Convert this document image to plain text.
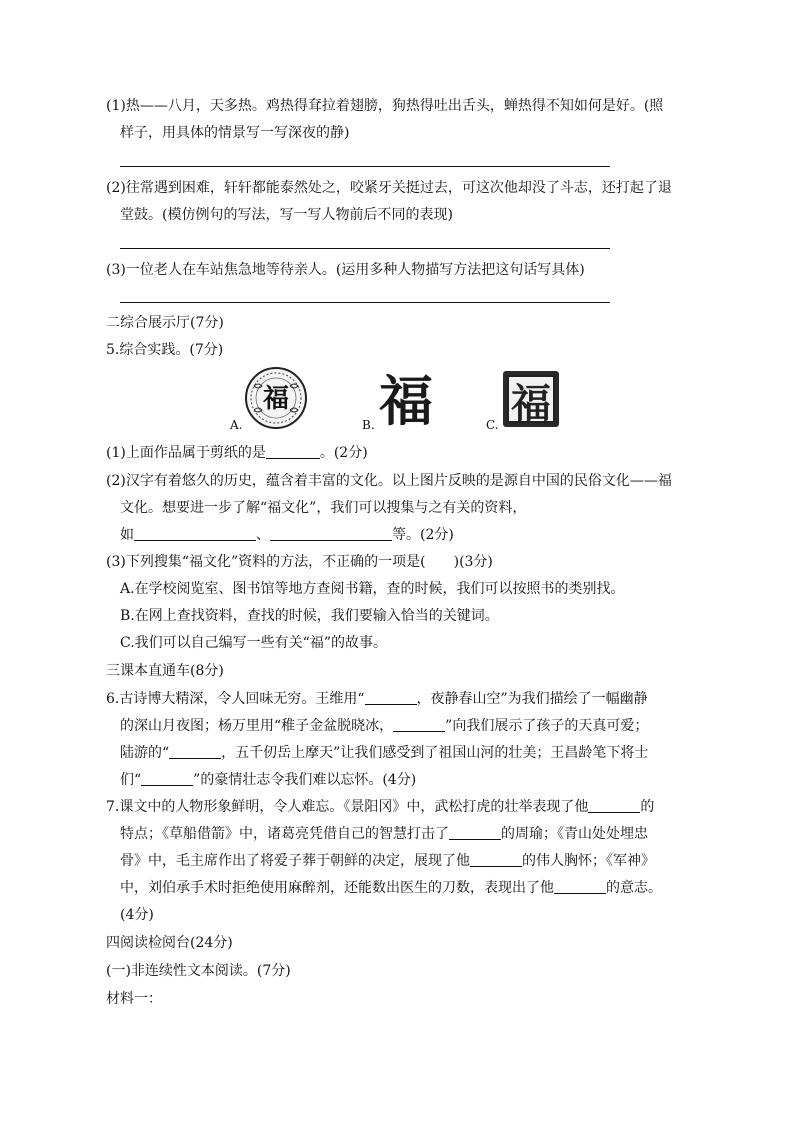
(1)热——八月，天多热。鸡热得耷拉着翅膀，狗热得吐出舌头，蝉热得不知如何是好。(照
样子，用具体的情景写一写深夜的静)
(2)往常遇到困难，轩轩都能泰然处之，咬紧牙关挺过去，可这次他却没了斗志，还打起了退
堂鼓。(模仿例句的写法，写一写人物前后不同的表现)
(3)一位老人在车站焦急地等待亲人。(运用多种人物描写方法把这句话写具体)
二综合展示厅(7分)
5.综合实践。(7分)
福
A.	福
B.	福
C.
(1)上面作品属于剪纸的是	。(2分)
(2)汉字有着悠久的历史，蕴含着丰富的文化。以上图片反映的是源自中国的民俗文化——福
文化。想要进一步了解“福文化”，我们可以搜集与之有关的资料，
如	、	等。(2分)
(3)下列搜集“福文化”资料的方法，不正确的一项是(　　)(3分)
A.在学校阅览室、图书馆等地方查阅书籍，查的时候，我们可以按照书的类别找。
B.在网上查找资料，查找的时候，我们要输入恰当的关键词。
C.我们可以自己编写一些有关“福”的故事。
三课本直通车(8分)
6.古诗博大精深，令人回味无穷。王维用“	，夜静春山空”为我们描绘了一幅幽静
的深山月夜图；杨万里用“稚子金盆脱晓冰，	”向我们展示了孩子的天真可爱；
陆游的“	，五千仞岳上摩天”让我们感受到了祖国山河的壮美；王昌龄笔下将士
们“	”的豪情壮志令我们难以忘怀。(4分)
7.课文中的人物形象鲜明，令人难忘。《景阳冈》中，武松打虎的壮举表现了他	的
特点；《草船借箭》中，诸葛亮凭借自己的智慧打击了	的周瑜；《青山处处埋忠
骨》中，毛主席作出了将爱子葬于朝鲜的决定，展现了他	的伟人胸怀；《军神》
中，刘伯承手术时拒绝使用麻醉剂，还能数出医生的刀数，表现出了他	的意志。
(4分)
四阅读检阅台(24分)
(一)非连续性文本阅读。(7分)
材料一：
